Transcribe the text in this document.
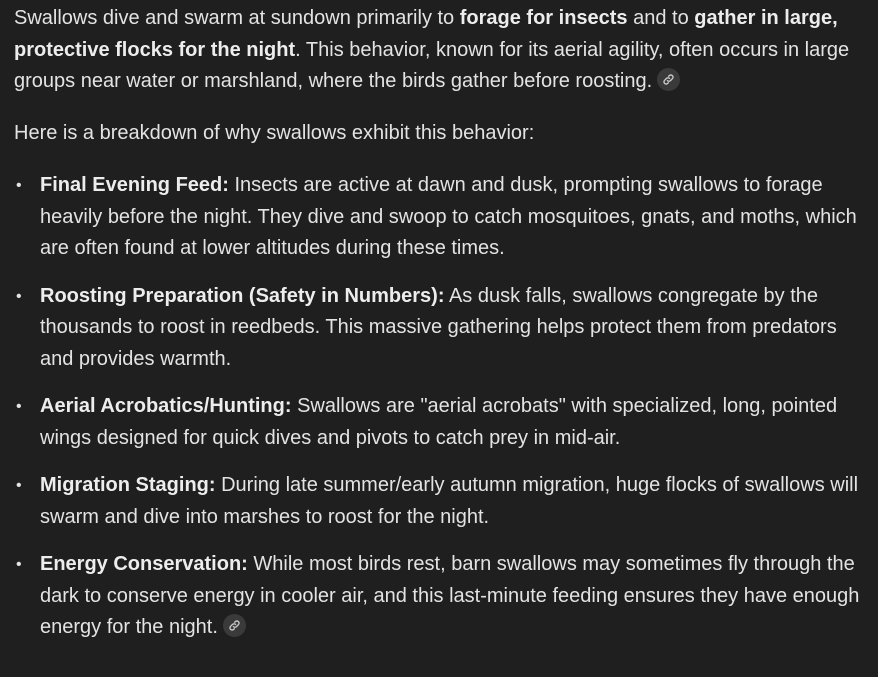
Swallows dive and swarm at sundown primarily to forage for insects and to gather in large, protective flocks for the night. This behavior, known for its aerial agility, often occurs in large groups near water or marshland, where the birds gather before roosting.

Here is a breakdown of why swallows exhibit this behavior:

• Final Evening Feed: Insects are active at dawn and dusk, prompting swallows to forage heavily before the night. They dive and swoop to catch mosquitoes, gnats, and moths, which are often found at lower altitudes during these times.
• Roosting Preparation (Safety in Numbers): As dusk falls, swallows congregate by the thousands to roost in reedbeds. This massive gathering helps protect them from predators and provides warmth.
• Aerial Acrobatics/Hunting: Swallows are "aerial acrobats" with specialized, long, pointed wings designed for quick dives and pivots to catch prey in mid-air.
• Migration Staging: During late summer/early autumn migration, huge flocks of swallows will swarm and dive into marshes to roost for the night.
• Energy Conservation: While most birds rest, barn swallows may sometimes fly through the dark to conserve energy in cooler air, and this last-minute feeding ensures they have enough energy for the night.
